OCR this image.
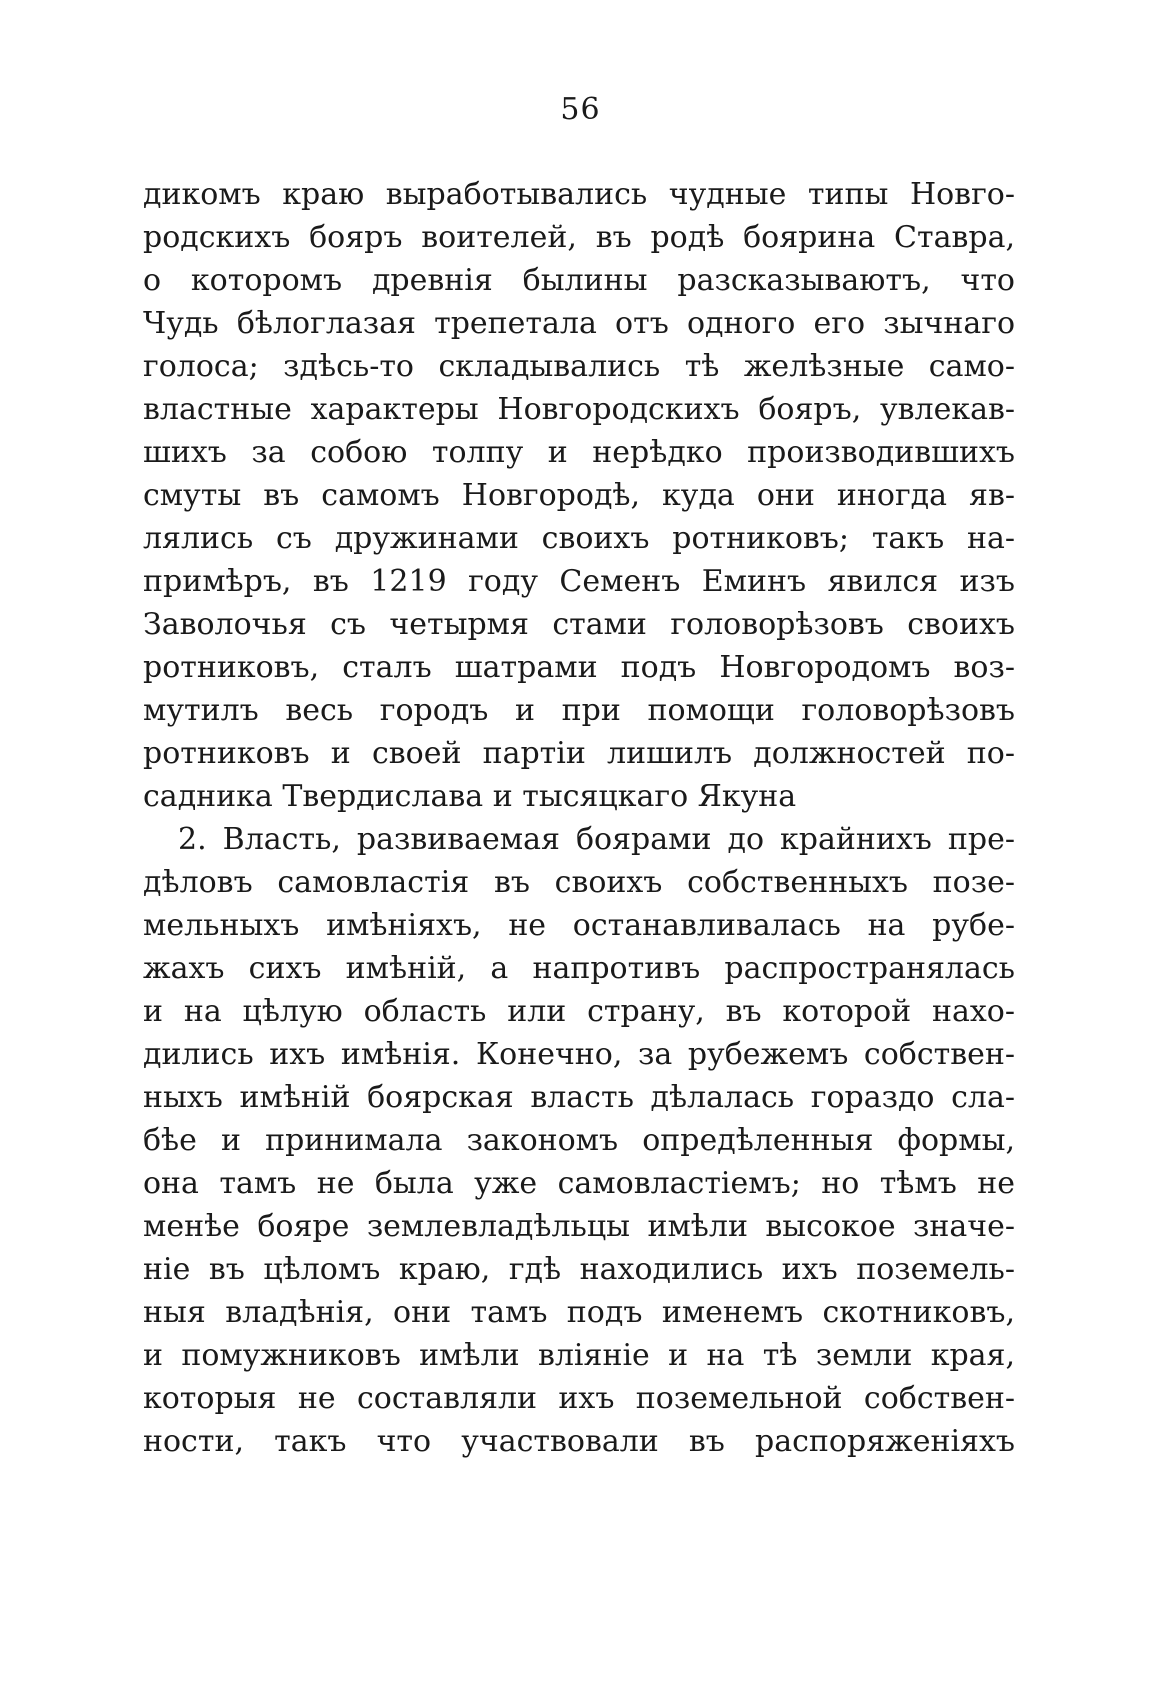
56
дикомъ краю выработывались чудные типы Новго-
родскихъ бояръ воителей, въ родѣ боярина Ставра,
о которомъ древнія былины разсказываютъ, что
Чудь бѣлоглазая трепетала отъ одного его зычнаго
голоса; здѣсь-то складывались тѣ желѣзные само-
властные характеры Новгородскихъ бояръ, увлекав-
шихъ за собою толпу и нерѣдко производившихъ
смуты въ самомъ Новгородѣ, куда они иногда яв-
лялись съ дружинами своихъ ротниковъ; такъ на-
примѣръ, въ 1219 году Семенъ Еминъ явился изъ
Заволочья съ четырмя стами головорѣзовъ своихъ
ротниковъ, сталъ шатрами подъ Новгородомъ воз-
мутилъ весь городъ и при помощи головорѣзовъ
ротниковъ и своей партіи лишилъ должностей по-
садника Твердислава и тысяцкаго Якуна
2. Власть, развиваемая боярами до крайнихъ пре-
дѣловъ самовластія въ своихъ собственныхъ позе-
мельныхъ имѣніяхъ, не останавливалась на рубе-
жахъ сихъ имѣній, а напротивъ распространялась
и на цѣлую область или страну, въ которой нахо-
дились ихъ имѣнія. Конечно, за рубежемъ собствен-
ныхъ имѣній боярская власть дѣлалась гораздо сла-
бѣе и принимала закономъ опредѣленныя формы,
она тамъ не была уже самовластіемъ; но тѣмъ не
менѣе бояре землевладѣльцы имѣли высокое значе-
ніе въ цѣломъ краю, гдѣ находились ихъ поземель-
ныя владѣнія, они тамъ подъ именемъ скотниковъ,
и помужниковъ имѣли вліяніе и на тѣ земли края,
которыя не составляли ихъ поземельной собствен-
ности, такъ что участвовали въ распоряженіяхъ
